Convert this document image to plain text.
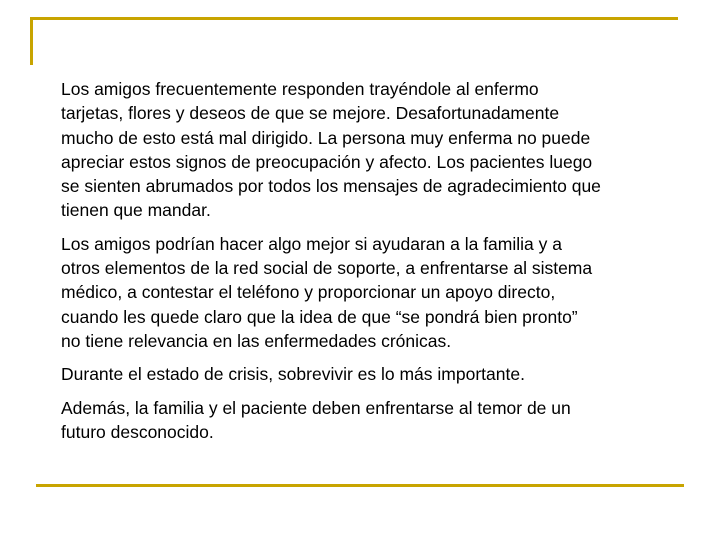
Los amigos frecuentemente responden trayéndole al enfermo
tarjetas, flores y deseos de que se mejore. Desafortunadamente
mucho de esto está mal dirigido. La persona muy enferma no puede
apreciar estos signos de preocupación y afecto. Los pacientes luego
se sienten abrumados por todos los mensajes de agradecimiento que
tienen que mandar.

Los amigos podrían hacer algo mejor si ayudaran a la familia y a
otros elementos de la red social de soporte, a enfrentarse al sistema
médico, a contestar el teléfono y proporcionar un apoyo directo,
cuando les quede claro que la idea de que “se pondrá bien pronto”
no tiene relevancia en las enfermedades crónicas.

Durante el estado de crisis, sobrevivir es lo más importante.

Además, la familia y el paciente deben enfrentarse al temor de un
futuro desconocido.
